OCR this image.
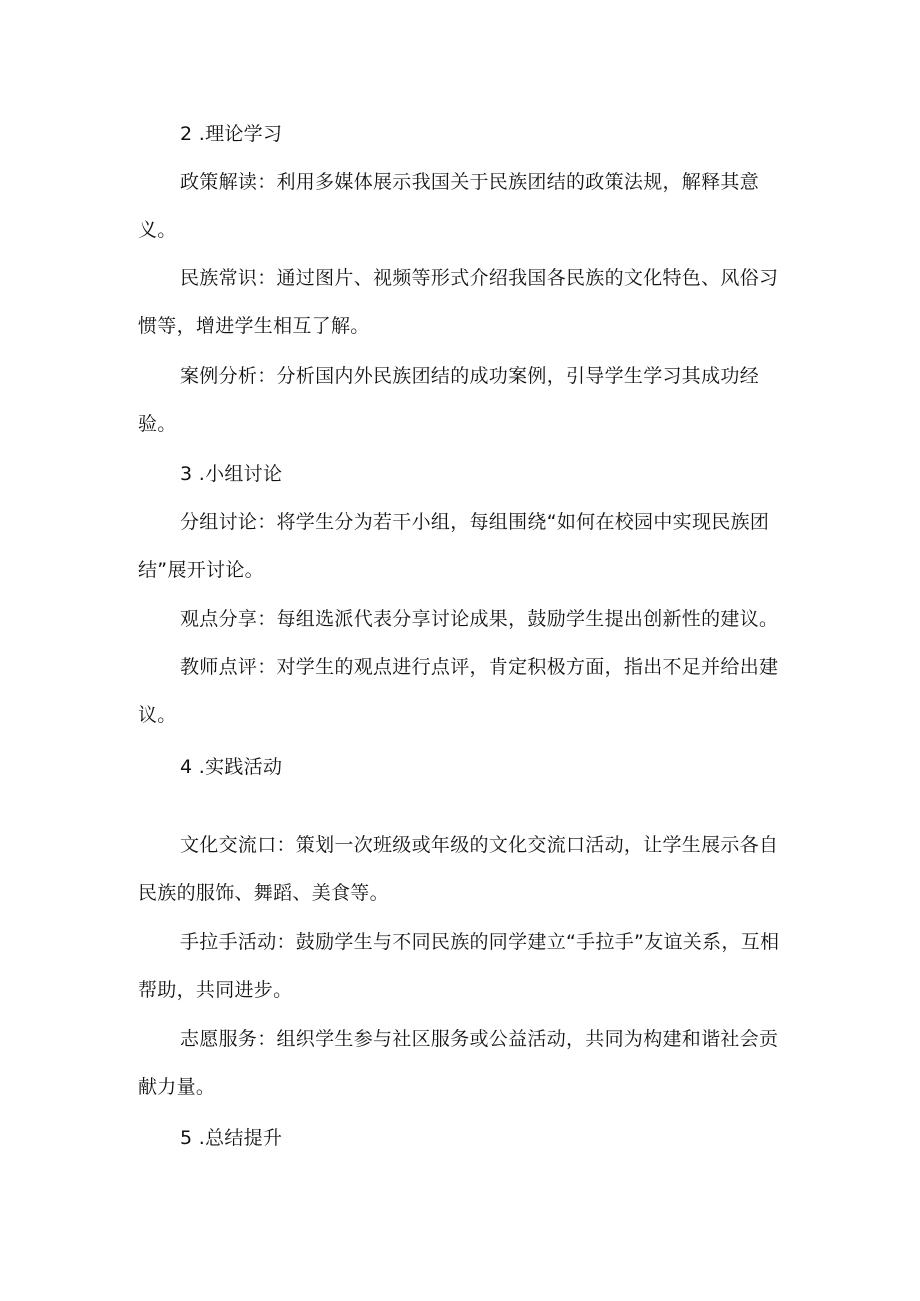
2 .理论学习
政策解读：利用多媒体展示我国关于民族团结的政策法规，解释其意义。
民族常识：通过图片、视频等形式介绍我国各民族的文化特色、风俗习惯等，增进学生相互了解。
案例分析：分析国内外民族团结的成功案例，引导学生学习其成功经验。
3 .小组讨论
分组讨论：将学生分为若干小组，每组围绕“如何在校园中实现民族团结”展开讨论。
观点分享：每组选派代表分享讨论成果，鼓励学生提出创新性的建议。
教师点评：对学生的观点进行点评，肯定积极方面，指出不足并给出建议。
4 .实践活动
文化交流口：策划一次班级或年级的文化交流口活动，让学生展示各自民族的服饰、舞蹈、美食等。
手拉手活动：鼓励学生与不同民族的同学建立“手拉手”友谊关系，互相帮助，共同进步。
志愿服务：组织学生参与社区服务或公益活动，共同为构建和谐社会贡献力量。
5 .总结提升
